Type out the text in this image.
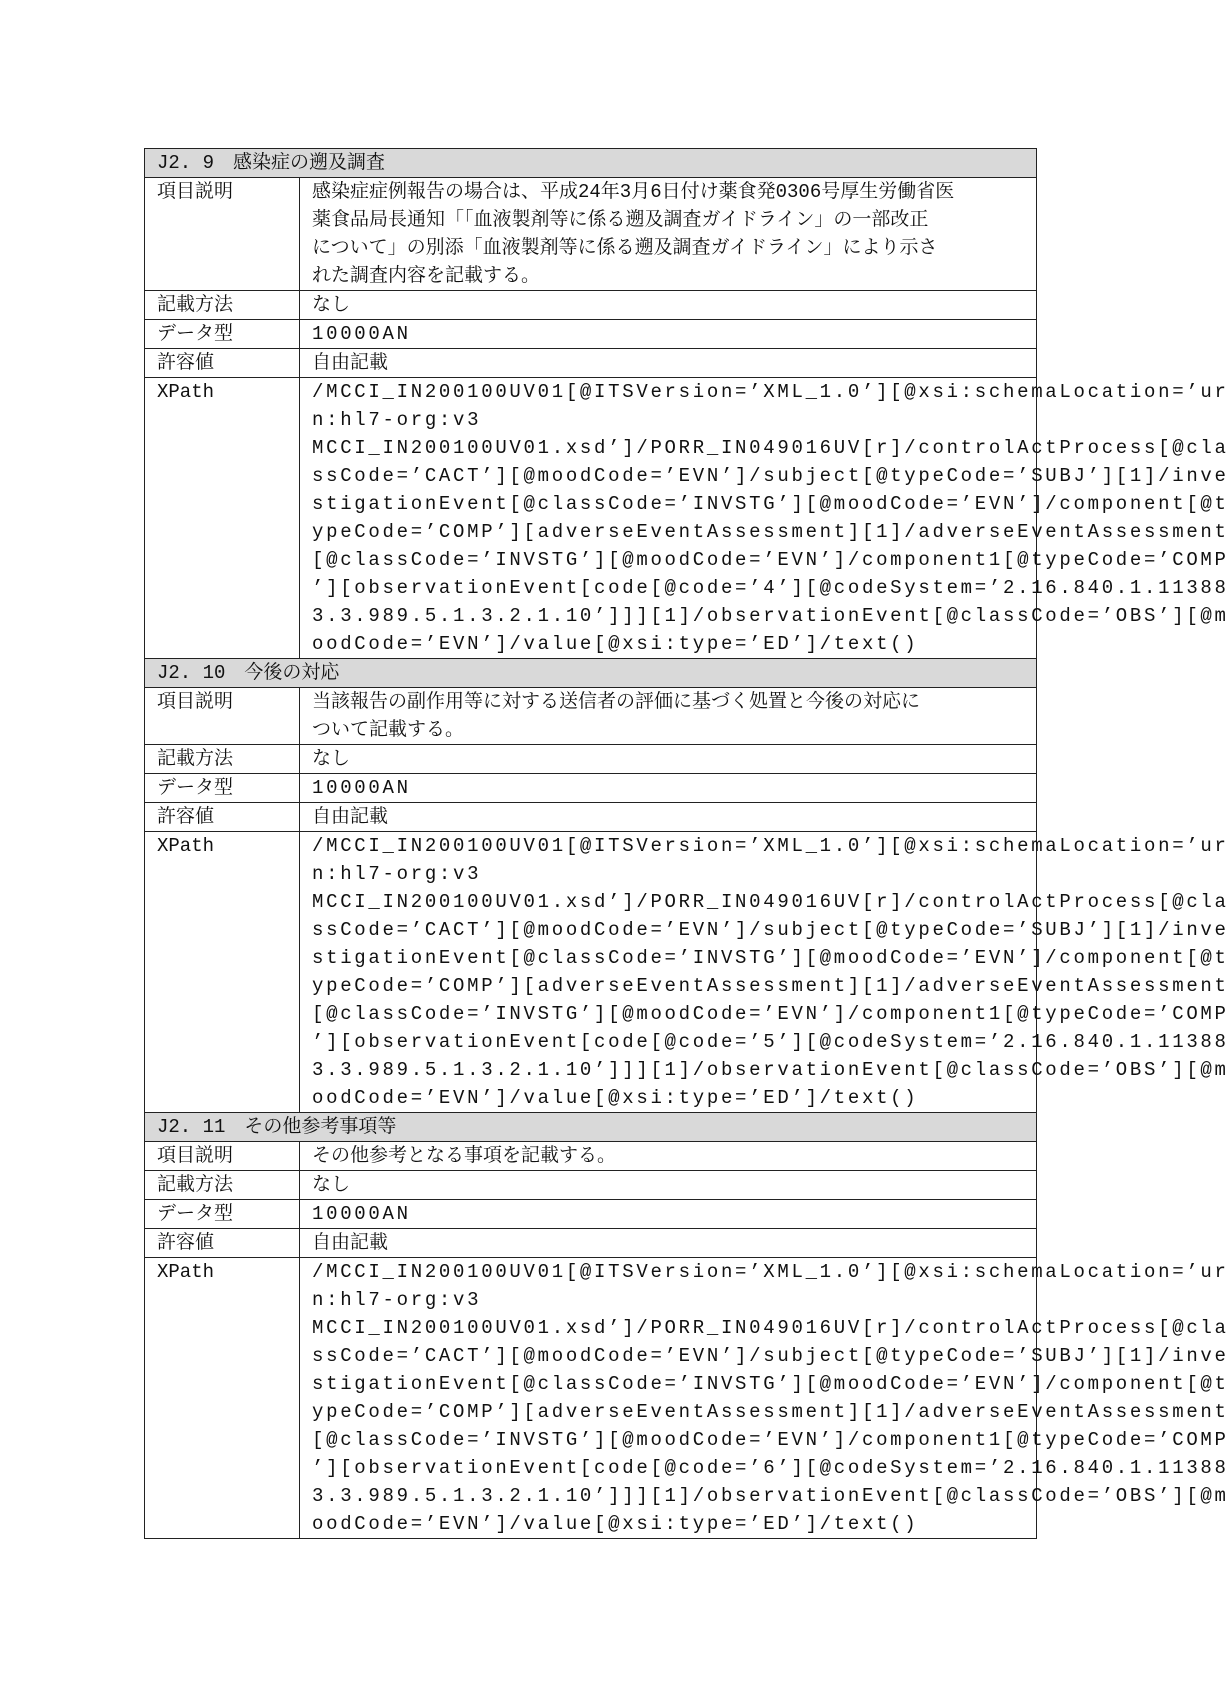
J2. 9　感染症の遡及調査
項目説明	感染症症例報告の場合は、平成24年3月6日付け薬食発0306号厚生労働省医
薬食品局長通知「「血液製剤等に係る遡及調査ガイドライン」の一部改正
について」の別添「血液製剤等に係る遡及調査ガイドライン」により示さ
れた調査内容を記載する。
記載方法	なし
データ型	10000AN
許容値	自由記載
XPath	/MCCI_IN200100UV01[@ITSVersion=’XML_1.0’][@xsi:schemaLocation=’ur
n:hl7-org:v3
MCCI_IN200100UV01.xsd’]/PORR_IN049016UV[r]/controlActProcess[@cla
ssCode=’CACT’][@moodCode=’EVN’]/subject[@typeCode=’SUBJ’][1]/inve
stigationEvent[@classCode=’INVSTG’][@moodCode=’EVN’]/component[@t
ypeCode=’COMP’][adverseEventAssessment][1]/adverseEventAssessment
[@classCode=’INVSTG’][@moodCode=’EVN’]/component1[@typeCode=’COMP
’][observationEvent[code[@code=’4’][@codeSystem=’2.16.840.1.11388
3.3.989.5.1.3.2.1.10’]]][1]/observationEvent[@classCode=’OBS’][@m
oodCode=’EVN’]/value[@xsi:type=’ED’]/text()
J2. 10　今後の対応
項目説明	当該報告の副作用等に対する送信者の評価に基づく処置と今後の対応に
ついて記載する。
記載方法	なし
データ型	10000AN
許容値	自由記載
XPath	/MCCI_IN200100UV01[@ITSVersion=’XML_1.0’][@xsi:schemaLocation=’ur
n:hl7-org:v3
MCCI_IN200100UV01.xsd’]/PORR_IN049016UV[r]/controlActProcess[@cla
ssCode=’CACT’][@moodCode=’EVN’]/subject[@typeCode=’SUBJ’][1]/inve
stigationEvent[@classCode=’INVSTG’][@moodCode=’EVN’]/component[@t
ypeCode=’COMP’][adverseEventAssessment][1]/adverseEventAssessment
[@classCode=’INVSTG’][@moodCode=’EVN’]/component1[@typeCode=’COMP
’][observationEvent[code[@code=’5’][@codeSystem=’2.16.840.1.11388
3.3.989.5.1.3.2.1.10’]]][1]/observationEvent[@classCode=’OBS’][@m
oodCode=’EVN’]/value[@xsi:type=’ED’]/text()
J2. 11　その他参考事項等
項目説明	その他参考となる事項を記載する。
記載方法	なし
データ型	10000AN
許容値	自由記載
XPath	/MCCI_IN200100UV01[@ITSVersion=’XML_1.0’][@xsi:schemaLocation=’ur
n:hl7-org:v3
MCCI_IN200100UV01.xsd’]/PORR_IN049016UV[r]/controlActProcess[@cla
ssCode=’CACT’][@moodCode=’EVN’]/subject[@typeCode=’SUBJ’][1]/inve
stigationEvent[@classCode=’INVSTG’][@moodCode=’EVN’]/component[@t
ypeCode=’COMP’][adverseEventAssessment][1]/adverseEventAssessment
[@classCode=’INVSTG’][@moodCode=’EVN’]/component1[@typeCode=’COMP
’][observationEvent[code[@code=’6’][@codeSystem=’2.16.840.1.11388
3.3.989.5.1.3.2.1.10’]]][1]/observationEvent[@classCode=’OBS’][@m
oodCode=’EVN’]/value[@xsi:type=’ED’]/text()
